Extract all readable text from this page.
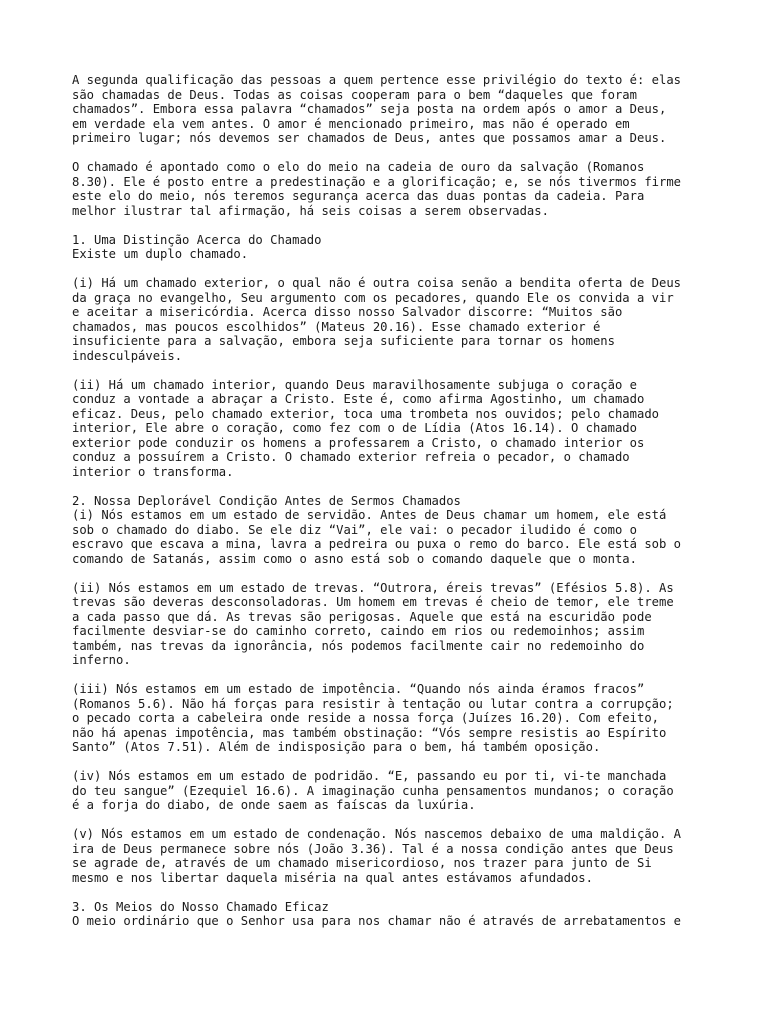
A segunda qualificação das pessoas a quem pertence esse privilégio do texto é: elas
são chamadas de Deus. Todas as coisas cooperam para o bem “daqueles que foram
chamados”. Embora essa palavra “chamados” seja posta na ordem após o amor a Deus,
em verdade ela vem antes. O amor é mencionado primeiro, mas não é operado em
primeiro lugar; nós devemos ser chamados de Deus, antes que possamos amar a Deus.
O chamado é apontado como o elo do meio na cadeia de ouro da salvação (Romanos
8.30). Ele é posto entre a predestinação e a glorificação; e, se nós tivermos firme
este elo do meio, nós teremos segurança acerca das duas pontas da cadeia. Para
melhor ilustrar tal afirmação, há seis coisas a serem observadas.
1. Uma Distinção Acerca do Chamado
Existe um duplo chamado.
(i) Há um chamado exterior, o qual não é outra coisa senão a bendita oferta de Deus
da graça no evangelho, Seu argumento com os pecadores, quando Ele os convida a vir
e aceitar a misericórdia. Acerca disso nosso Salvador discorre: “Muitos são
chamados, mas poucos escolhidos” (Mateus 20.16). Esse chamado exterior é
insuficiente para a salvação, embora seja suficiente para tornar os homens
indesculpáveis.
(ii) Há um chamado interior, quando Deus maravilhosamente subjuga o coração e
conduz a vontade a abraçar a Cristo. Este é, como afirma Agostinho, um chamado
eficaz. Deus, pelo chamado exterior, toca uma trombeta nos ouvidos; pelo chamado
interior, Ele abre o coração, como fez com o de Lídia (Atos 16.14). O chamado
exterior pode conduzir os homens a professarem a Cristo, o chamado interior os
conduz a possuírem a Cristo. O chamado exterior refreia o pecador, o chamado
interior o transforma.
2. Nossa Deplorável Condição Antes de Sermos Chamados
(i) Nós estamos em um estado de servidão. Antes de Deus chamar um homem, ele está
sob o chamado do diabo. Se ele diz “Vai”, ele vai: o pecador iludido é como o
escravo que escava a mina, lavra a pedreira ou puxa o remo do barco. Ele está sob o
comando de Satanás, assim como o asno está sob o comando daquele que o monta.
(ii) Nós estamos em um estado de trevas. “Outrora, éreis trevas” (Efésios 5.8). As
trevas são deveras desconsoladoras. Um homem em trevas é cheio de temor, ele treme
a cada passo que dá. As trevas são perigosas. Aquele que está na escuridão pode
facilmente desviar-se do caminho correto, caindo em rios ou redemoinhos; assim
também, nas trevas da ignorância, nós podemos facilmente cair no redemoinho do
inferno.
(iii) Nós estamos em um estado de impotência. “Quando nós ainda éramos fracos”
(Romanos 5.6). Não há forças para resistir à tentação ou lutar contra a corrupção;
o pecado corta a cabeleira onde reside a nossa força (Juízes 16.20). Com efeito,
não há apenas impotência, mas também obstinação: “Vós sempre resistis ao Espírito
Santo” (Atos 7.51). Além de indisposição para o bem, há também oposição.
(iv) Nós estamos em um estado de podridão. “E, passando eu por ti, vi-te manchada
do teu sangue” (Ezequiel 16.6). A imaginação cunha pensamentos mundanos; o coração
é a forja do diabo, de onde saem as faíscas da luxúria.
(v) Nós estamos em um estado de condenação. Nós nascemos debaixo de uma maldição. A
ira de Deus permanece sobre nós (João 3.36). Tal é a nossa condição antes que Deus
se agrade de, através de um chamado misericordioso, nos trazer para junto de Si
mesmo e nos libertar daquela miséria na qual antes estávamos afundados.
3. Os Meios do Nosso Chamado Eficaz
O meio ordinário que o Senhor usa para nos chamar não é através de arrebatamentos e
